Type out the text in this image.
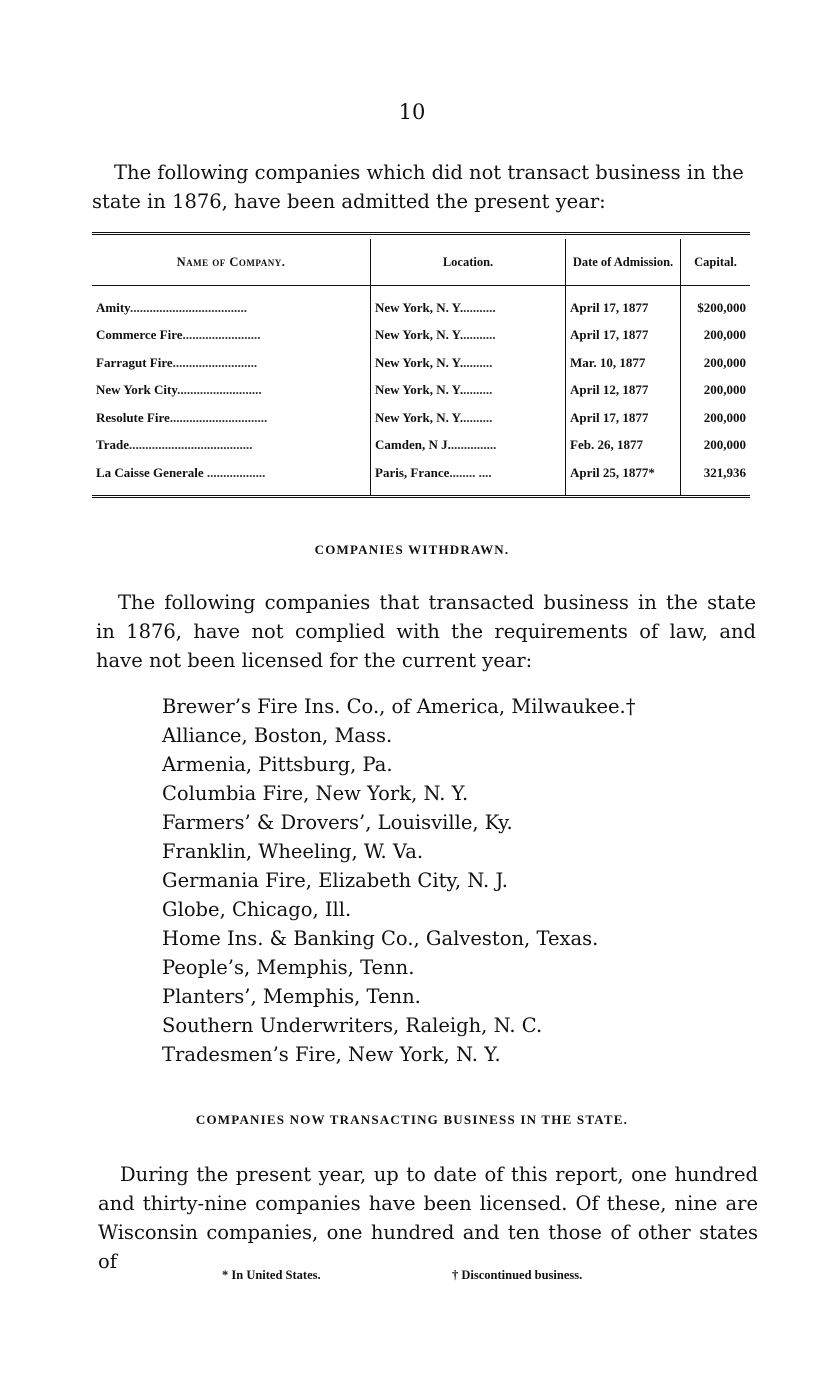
10

The following companies which did not transact business in the state in 1876, have been admitted the present year:

Name of Company.	Location.	Date of Admission.	Capital.

Amity....................................	New York, N. Y...........	April 17, 1877	$200,000
Commerce Fire........................	New York, N. Y...........	April 17, 1877	200,000
Farragut Fire..........................	New York, N. Y..........	Mar. 10, 1877	200,000
New York City..........................	New York, N. Y..........	April 12, 1877	200,000
Resolute Fire..............................	New York, N. Y..........	April 17, 1877	200,000
Trade......................................	Camden, N J...............	Feb. 26, 1877	200,000
La Caisse Generale ..................	Paris, France........ ....	April 25, 1877*	321,936

COMPANIES WITHDRAWN.

The following companies that transacted business in the state in 1876, have not complied with the requirements of law, and have not been licensed for the current year:

Brewer’s Fire Ins. Co., of America, Milwaukee.†
Alliance, Boston, Mass.
Armenia, Pittsburg, Pa.
Columbia Fire, New York, N. Y.
Farmers’ & Drovers’, Louisville, Ky.
Franklin, Wheeling, W. Va.
Germania Fire, Elizabeth City, N. J.
Globe, Chicago, Ill.
Home Ins. & Banking Co., Galveston, Texas.
People’s, Memphis, Tenn.
Planters’, Memphis, Tenn.
Southern Underwriters, Raleigh, N. C.
Tradesmen’s Fire, New York, N. Y.
COMPANIES NOW TRANSACTING BUSINESS IN THE STATE.

During the present year, up to date of this report, one hundred and thirty-nine companies have been licensed. Of these, nine are Wisconsin companies, one hundred and ten those of other states of

* In United States.	† Discontinued business.
